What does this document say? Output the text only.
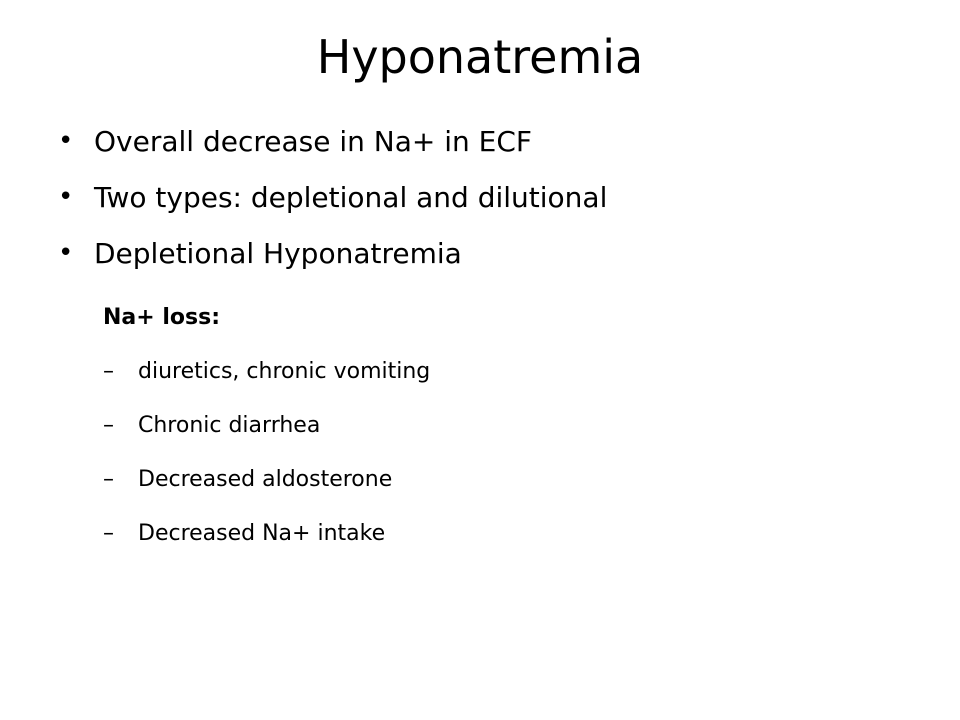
Hyponatremia
• Overall decrease in Na+ in ECF
• Two types: depletional and dilutional
• Depletional Hyponatremia
Na+ loss:
–	diuretics, chronic vomiting
–	Chronic diarrhea
–	Decreased aldosterone
–	Decreased Na+ intake
